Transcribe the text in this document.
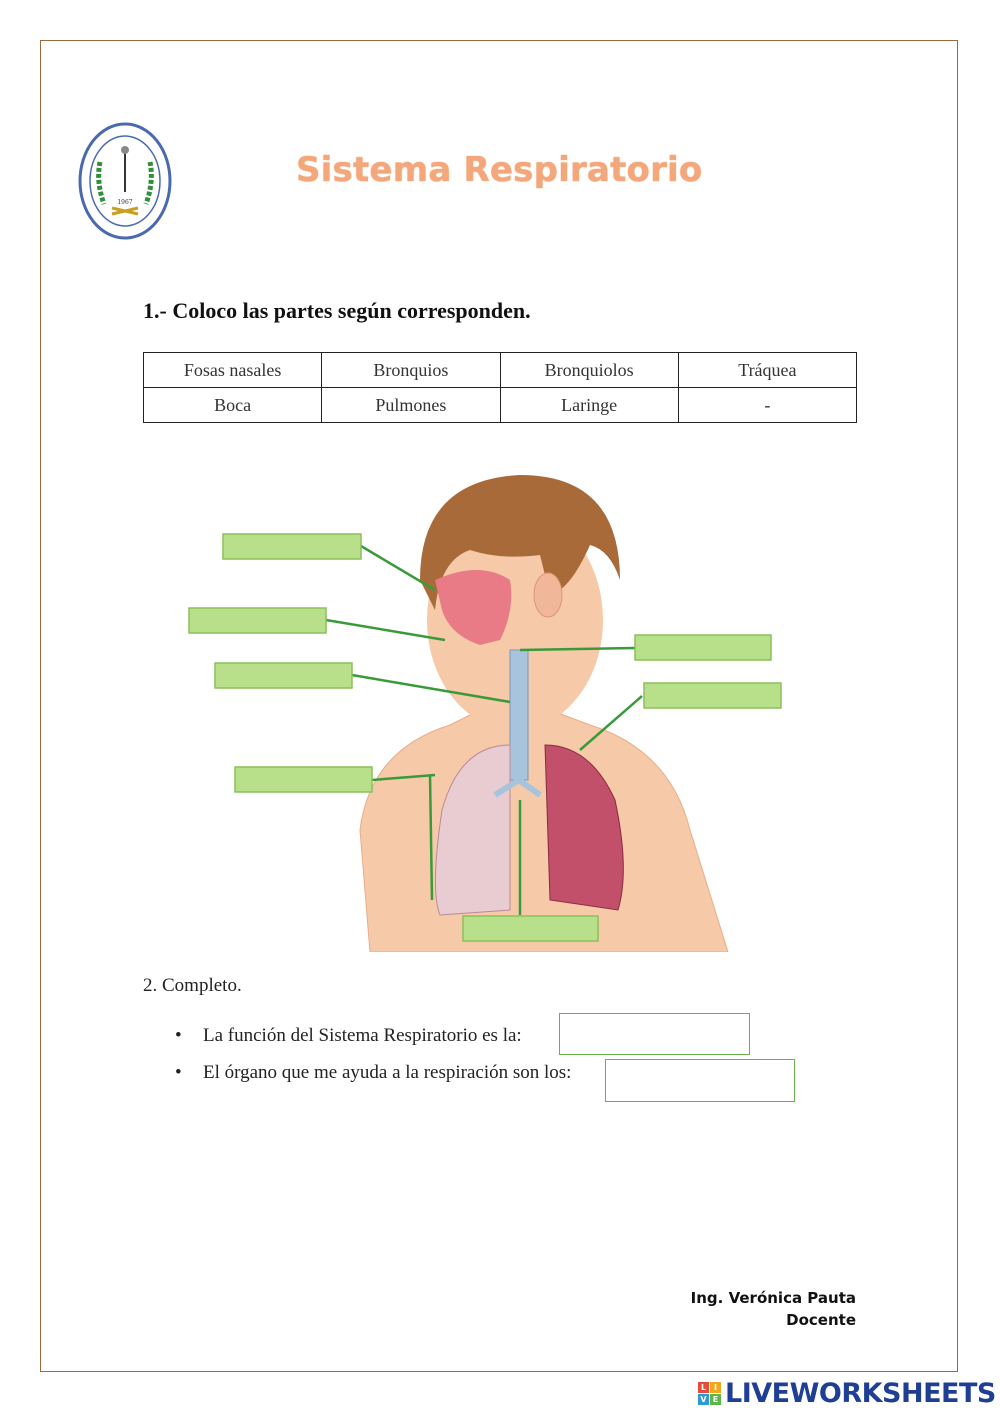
1967
Sistema Respiratorio
1.- Coloco las partes según corresponden.
Fosas nasales	Bronquios	Bronquiolos	Tráquea
Boca	Pulmones	Laringe	-
2. Completo.
• La función del Sistema Respiratorio es la:
• El órgano que me ayuda a la respiración son los:
Ing. Verónica Pauta
Docente
L I
V E LIVEWORKSHEETS
